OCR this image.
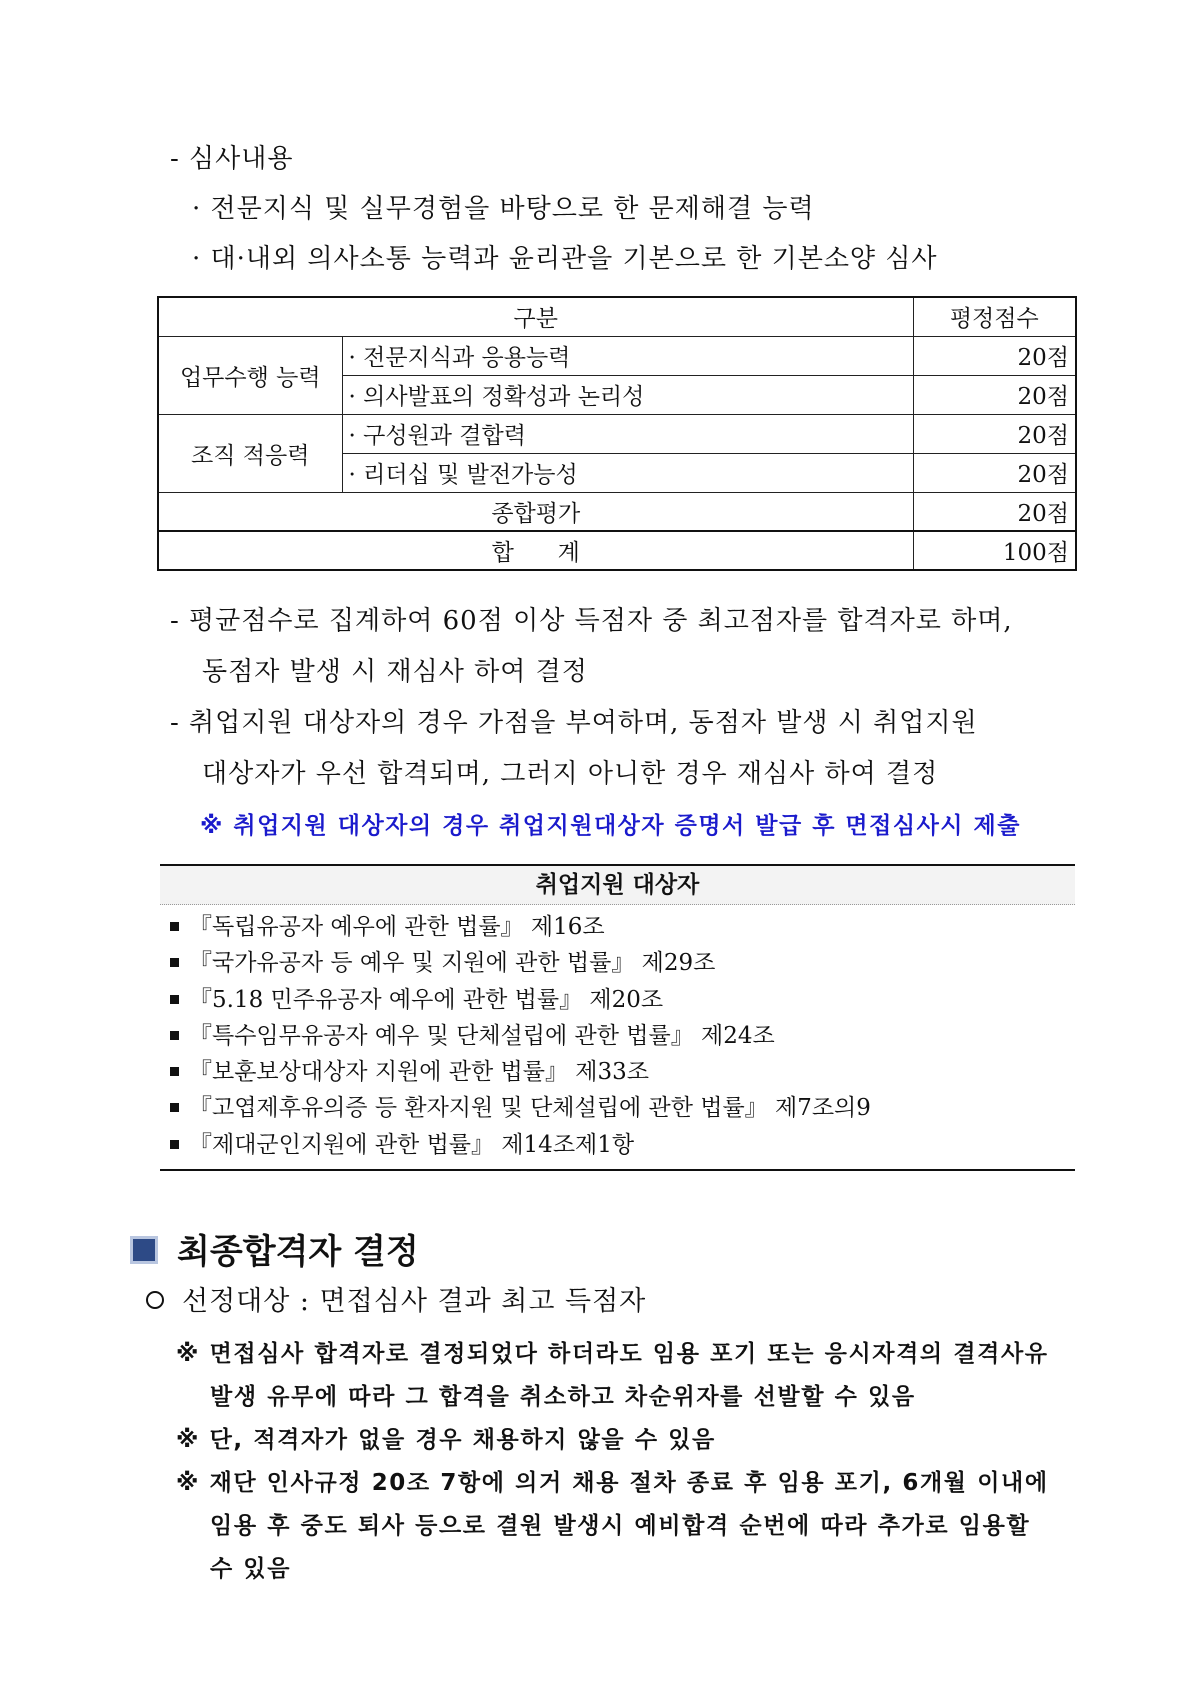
- 심사내용
· 전문지식 및 실무경험을 바탕으로 한 문제해결 능력
· 대·내외 의사소통 능력과 윤리관을 기본으로 한 기본소양 심사
구분		평정점수
업무수행 능력	· 전문지식과 응용능력	20점
	· 의사발표의 정확성과 논리성	20점
조직 적응력	· 구성원과 결합력	20점
	· 리더십 및 발전가능성	20점
종합평가		20점
합      계		100점
- 평균점수로 집계하여 60점 이상 득점자 중 최고점자를 합격자로 하며,
동점자 발생 시 재심사 하여 결정
- 취업지원 대상자의 경우 가점을 부여하며, 동점자 발생 시 취업지원
대상자가 우선 합격되며, 그러지 아니한 경우 재심사 하여 결정
※ 취업지원 대상자의 경우 취업지원대상자 증명서 발급 후 면접심사시 제출
취업지원 대상자
『독립유공자 예우에 관한 법률』 제16조
『국가유공자 등 예우 및 지원에 관한 법률』 제29조
『5.18 민주유공자 예우에 관한 법률』 제20조
『특수임무유공자 예우 및 단체설립에 관한 법률』 제24조
『보훈보상대상자 지원에 관한 법률』 제33조
『고엽제후유의증 등 환자지원 및 단체설립에 관한 법률』 제7조의9
『제대군인지원에 관한 법률』 제14조제1항
최종합격자 결정
선정대상 : 면접심사 결과 최고 득점자
※ 면접심사 합격자로 결정되었다 하더라도 임용 포기 또는 응시자격의 결격사유
발생 유무에 따라 그 합격을 취소하고 차순위자를 선발할 수 있음
※ 단, 적격자가 없을 경우 채용하지 않을 수 있음
※ 재단 인사규정 20조 7항에 의거 채용 절차 종료 후 임용 포기, 6개월 이내에
임용 후 중도 퇴사 등으로 결원 발생시 예비합격 순번에 따라 추가로 임용할
수 있음
